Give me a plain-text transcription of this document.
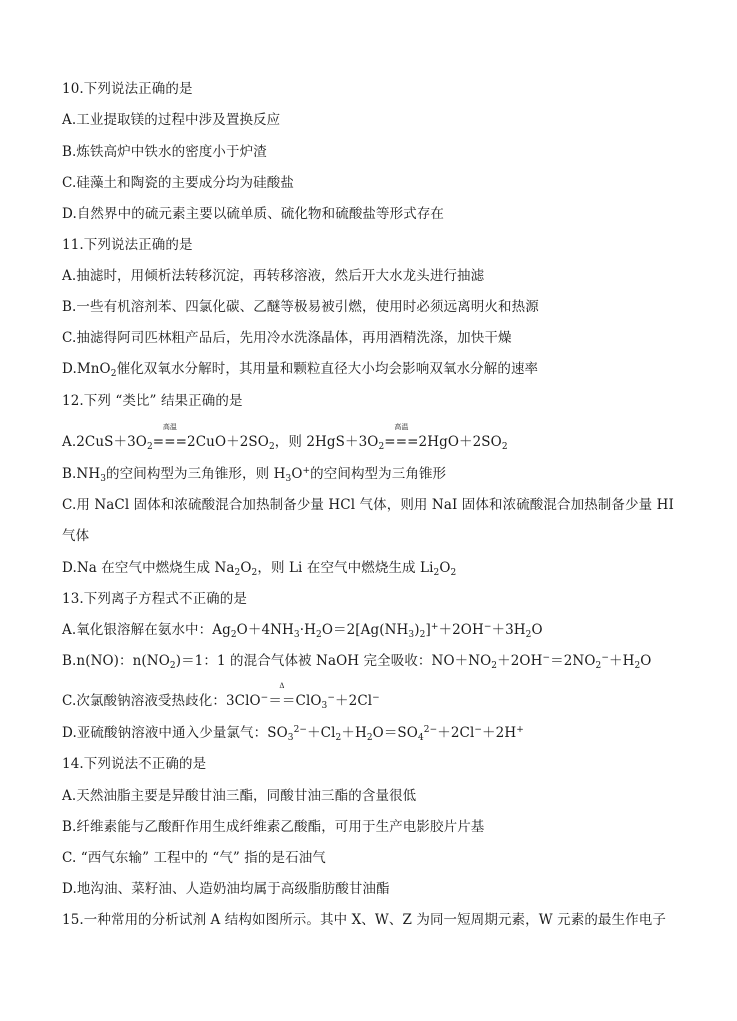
10.下列说法正确的是
A.工业提取镁的过程中涉及置换反应
B.炼铁高炉中铁水的密度小于炉渣
C.硅藻土和陶瓷的主要成分均为硅酸盐
D.自然界中的硫元素主要以硫单质、硫化物和硫酸盐等形式存在
11.下列说法正确的是
A.抽滤时，用倾析法转移沉淀，再转移溶液，然后开大水龙头进行抽滤
B.一些有机溶剂苯、四氯化碳、乙醚等极易被引燃，使用时必须远离明火和热源
C.抽滤得阿司匹林粗产品后，先用冷水洗涤晶体，再用酒精洗涤，加快干燥
D.MnO$_2$催化双氧水分解时，其用量和颗粒直径大小均会影响双氧水分解的速率
12.下列 “类比” 结果正确的是
$A.2CuS+3O_2$
高温
$===2CuO+2SO_2$，则 $2HgS+3O_2$
高温
$===2HgO+2SO_2$
$B.NH_3$的空间构型为三角锥形，则 $H_3O^+$的空间构型为三角锥形
C.用 NaCl 固体和浓硫酸混合加热制备少量 HCl 气体，则用 NaI 固体和浓硫酸混合加热制备少量 HI
气体
D.Na 在空气中燃烧生成 $Na_2O_2$，则 Li 在空气中燃烧生成 $Li_2O_2$
13.下列离子方程式不正确的是
A.氧化银溶解在氨水中：$Ag_2O+4NH_3\cdot H_2O=2[Ag(NH_3)_2]^++2OH^-+3H_2O$
B.n(NO)：$n(NO_2)=1$：1 的混合气体被 NaOH 完全吸收：$NO+NO_2+2OH^-=2NO_2^-+H_2O$
C.次氯酸钠溶液受热歧化：3ClO−
Δ
＝＝ClO$_3$−＋2Cl−
D.亚硫酸钠溶液中通入少量氯气：$SO_3^{2-}+Cl_2+H_2O=SO_4^{2-}+2Cl^-+2H^+$
14.下列说法不正确的是
A.天然油脂主要是异酸甘油三酯，同酸甘油三酯的含量很低
B.纤维素能与乙酸酐作用生成纤维素乙酸酯，可用于生产电影胶片片基
C. “西气东输” 工程中的 “气” 指的是石油气
D.地沟油、菜籽油、人造奶油均属于高级脂肪酸甘油酯
15.一种常用的分析试剂 A 结构如图所示。其中 X、W、Z 为同一短周期元素，W 元素的最生作电子
